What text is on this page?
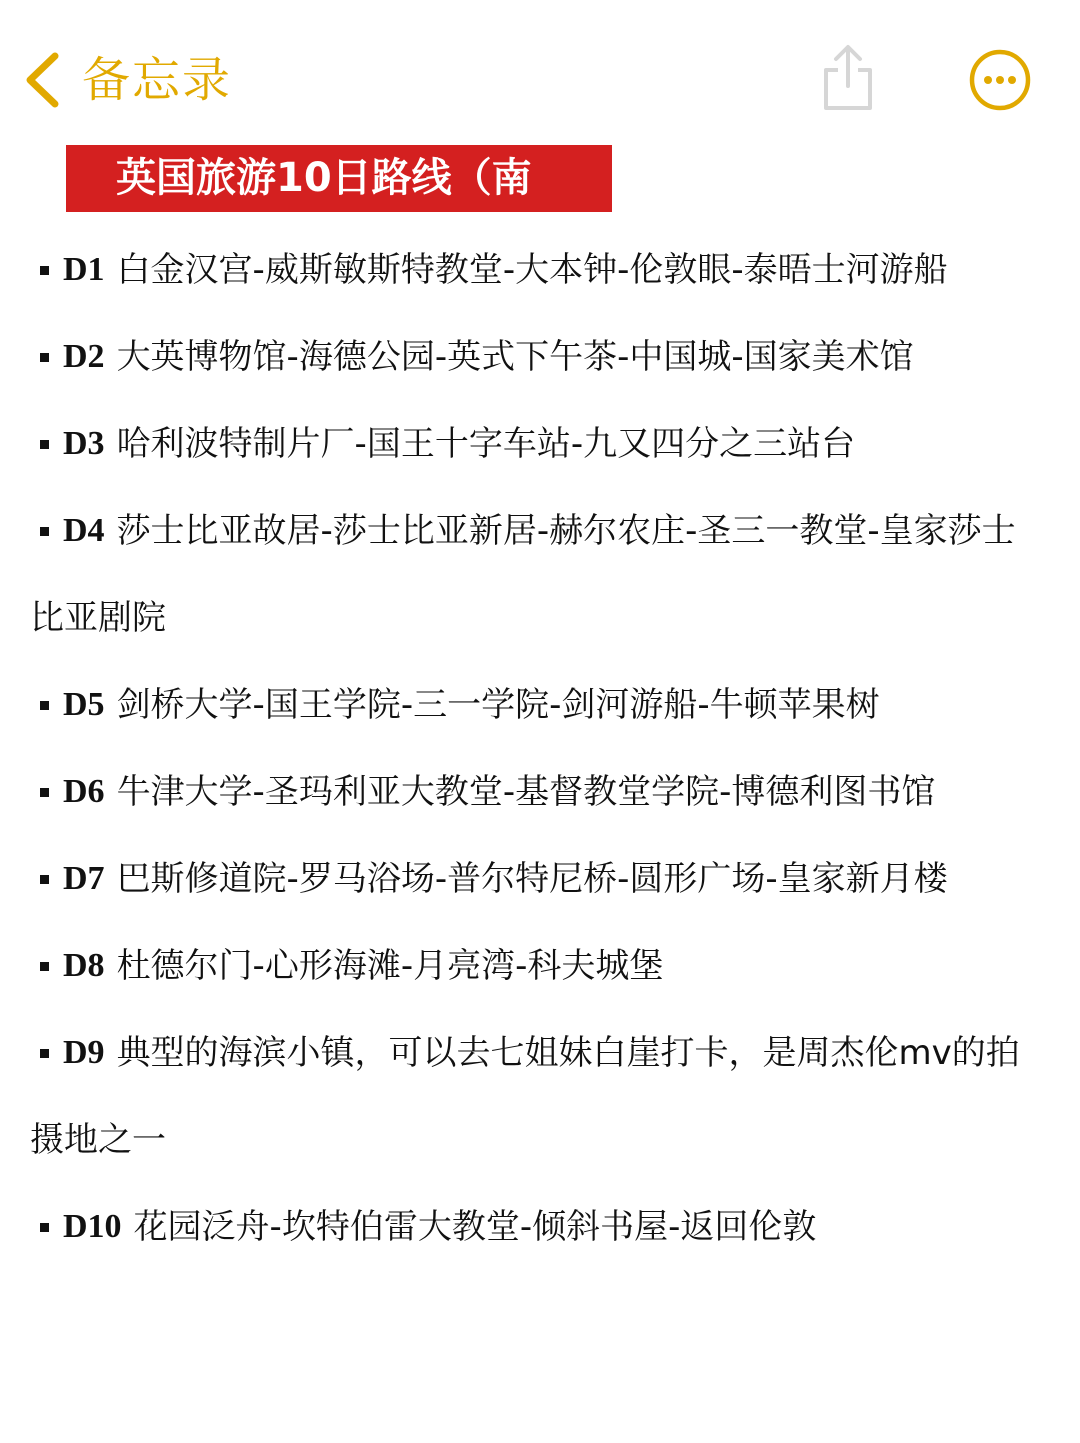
备忘录
英国旅游10日路线（南
D1 白金汉宫-威斯敏斯特教堂-大本钟-伦敦眼-泰晤士河游船
D2 大英博物馆-海德公园-英式下午茶-中国城-国家美术馆
D3 哈利波特制片厂-国王十字车站-九又四分之三站台
D4 莎士比亚故居-莎士比亚新居-赫尔农庄-圣三一教堂-皇家莎士
比亚剧院
D5 剑桥大学-国王学院-三一学院-剑河游船-牛顿苹果树
D6 牛津大学-圣玛利亚大教堂-基督教堂学院-博德利图书馆
D7 巴斯修道院-罗马浴场-普尔特尼桥-圆形广场-皇家新月楼
D8 杜德尔门-心形海滩-月亮湾-科夫城堡
D9 典型的海滨小镇，可以去七姐妹白崖打卡，是周杰伦mv的拍
摄地之一
D10 花园泛舟-坎特伯雷大教堂-倾斜书屋-返回伦敦
